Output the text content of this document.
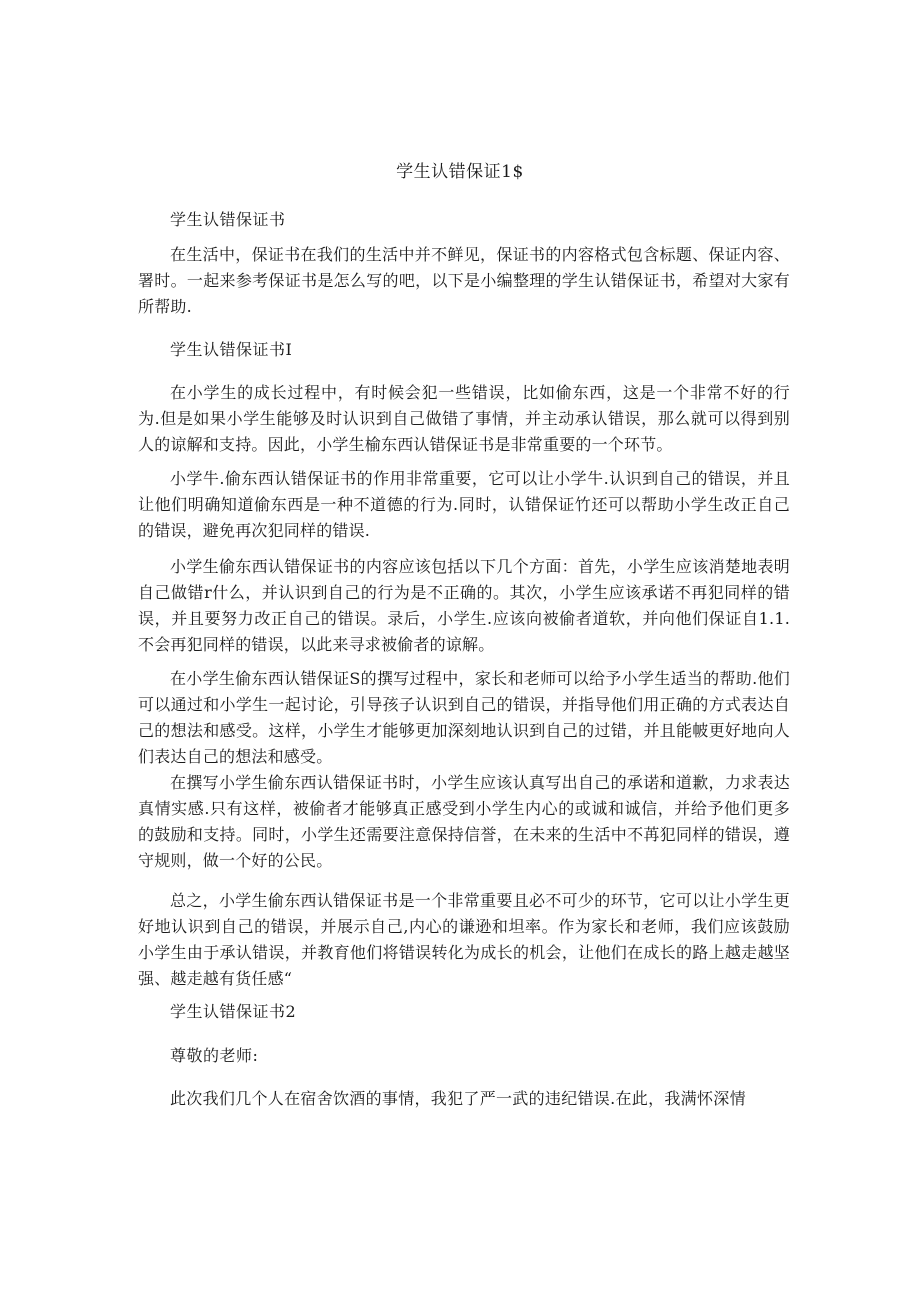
学生认错保证1$
学生认错保证书

在生活中，保证书在我们的生活中并不鲜见，保证书的内容格式包含标题、保证内容、署时。一起来参考保证书是怎么写的吧，以下是小编整理的学生认错保证书，希望对大家有所帮助.

学生认错保证书I

在小学生的成长过程中，有时候会犯一些错误，比如偷东西，这是一个非常不好的行为.但是如果小学生能够及时认识到自己做错了事情，并主动承认错误，那么就可以得到别人的谅解和支持。因此，小学生榆东西认错保证书是非常重要的一个环节。

小学牛.偷东西认错保证书的作用非常重要，它可以让小学牛.认识到自己的错误，并且让他们明确知道偷东西是一种不道德的行为.同时，认错保证竹还可以帮助小学生改正自己的错误，避免再次犯同样的错误.

小学生偷东西认错保证书的内容应该包括以下几个方面：首先，小学生应该消楚地表明自己做错r什么，并认识到自己的行为是不正确的。其次，小学生应该承诺不再犯同样的错误，并且要努力改正自己的错误。录后，小学生.应该向被偷者道软，并向他们保证自1.1.不会再犯同样的错误，以此来寻求被偷者的谅解。

在小学生偷东西认错保证S的撰写过程中，家长和老师可以给予小学生适当的帮助.他们可以通过和小学生一起讨论，引导孩子认识到自己的错误，并指导他们用正确的方式表达自己的想法和感受。这样，小学生才能够更加深刻地认识到自己的过错，并且能帔更好地向人们表达自己的想法和感受。

在撰写小学生偷东西认错保证书时，小学生应该认真写出自己的承诺和道歉，力求表达真情实感.只有这样，被偷者才能够真正感受到小学生内心的或诚和诚信，并给予他们更多的鼓励和支持。同时，小学生还需要注意保持信誉，在未来的生活中不苒犯同样的错误，遵守规则，做一个好的公民。

总之，小学生偷东西认错保证书是一个非常重要且必不可少的环节，它可以让小学生更好地认识到自己的错误，并展示自己,内心的谦逊和坦率。作为家长和老师，我们应该鼓励小学生由于承认错误，并教育他们将错误转化为成长的机会，让他们在成长的路上越走越坚强、越走越有货任感“

学生认错保证书2
尊敬的老师:
此次我们几个人在宿舍饮酒的事情，我犯了严一武的违纪错误.在此，我满怀深情
